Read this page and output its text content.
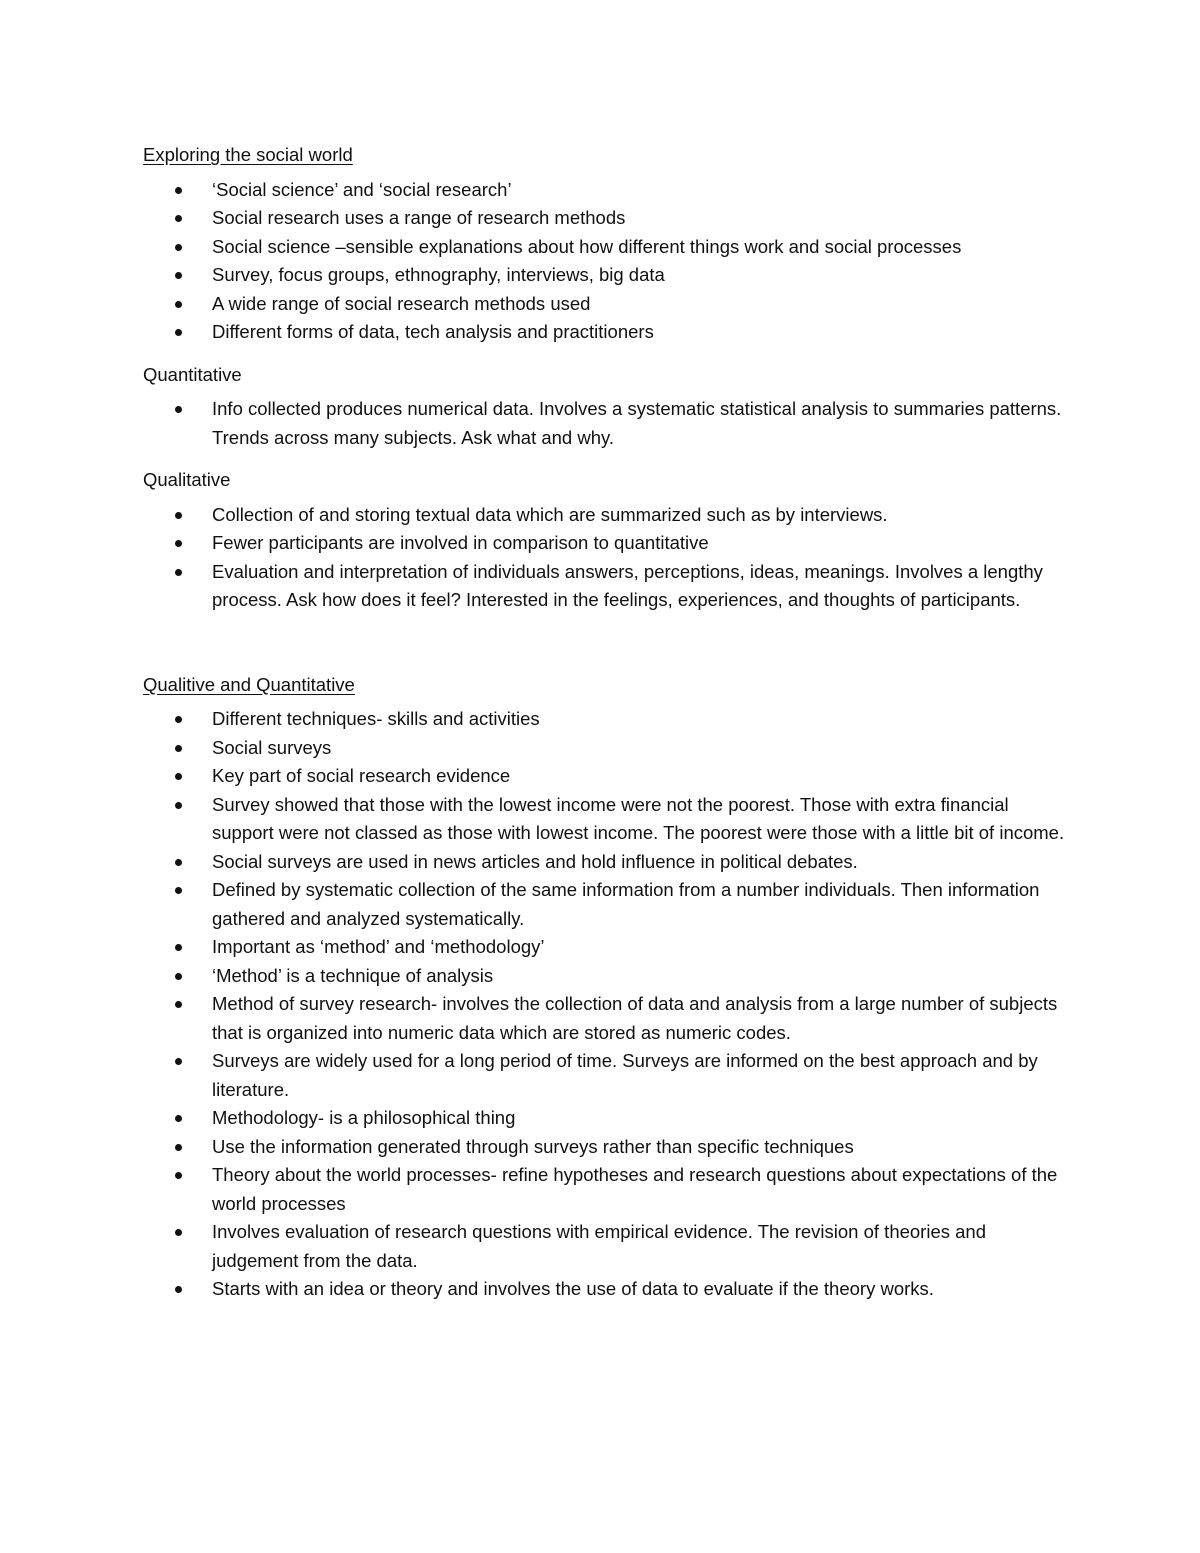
Exploring the social world
‘Social science’ and ‘social research’
Social research uses a range of research methods
Social science –sensible explanations about how different things work and social processes
Survey, focus groups, ethnography, interviews, big data
A wide range of social research methods used
Different forms of data, tech analysis and practitioners
Quantitative
Info collected produces numerical data. Involves a systematic statistical analysis to summaries patterns. Trends across many subjects. Ask what and why.
Qualitative
Collection of and storing textual data which are summarized such as by interviews.
Fewer participants are involved in comparison to quantitative
Evaluation and interpretation of individuals answers, perceptions, ideas, meanings. Involves a lengthy process. Ask how does it feel? Interested in the feelings, experiences, and thoughts of participants.
Qualitive and Quantitative
Different techniques- skills and activities
Social surveys
Key part of social research evidence
Survey showed that those with the lowest income were not the poorest. Those with extra financial support were not classed as those with lowest income. The poorest were those with a little bit of income.
Social surveys are used in news articles and hold influence in political debates.
Defined by systematic collection of the same information from a number individuals. Then information gathered and analyzed systematically.
Important as ‘method’ and ‘methodology’
‘Method’ is a technique of analysis
Method of survey research- involves the collection of data and analysis from a large number of subjects that is organized into numeric data which are stored as numeric codes.
Surveys are widely used for a long period of time. Surveys are informed on the best approach and by literature.
Methodology- is a philosophical thing
Use the information generated through surveys rather than specific techniques
Theory about the world processes- refine hypotheses and research questions about expectations of the world processes
Involves evaluation of research questions with empirical evidence. The revision of theories and judgement from the data.
Starts with an idea or theory and involves the use of data to evaluate if the theory works.
